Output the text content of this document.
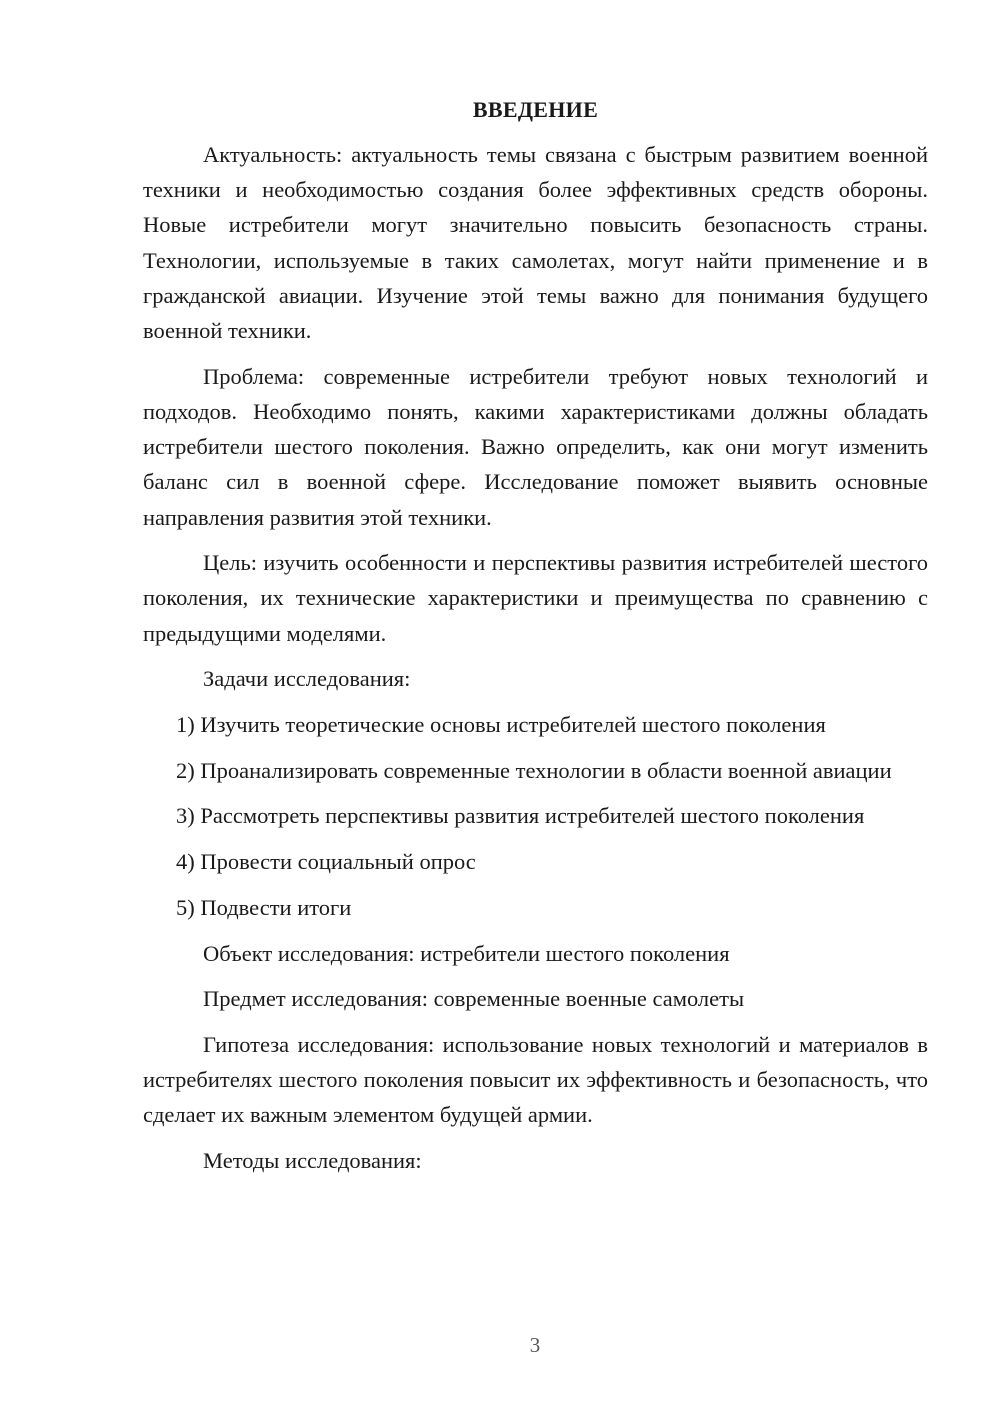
ВВЕДЕНИЕ

Актуальность: актуальность темы связана с быстрым развитием военной техники и необходимостью создания более эффективных средств обороны. Новые истребители могут значительно повысить безопасность страны. Технологии, используемые в таких самолетах, могут найти применение и в гражданской авиации. Изучение этой темы важно для понимания будущего военной техники.

Проблема: современные истребители требуют новых технологий и подходов. Необходимо понять, какими характеристиками должны обладать истребители шестого поколения. Важно определить, как они могут изменить баланс сил в военной сфере. Исследование поможет выявить основные направления развития этой техники.

Цель: изучить особенности и перспективы развития истребителей шестого поколения, их технические характеристики и преимущества по сравнению с предыдущими моделями.

Задачи исследования:

1) Изучить теоретические основы истребителей шестого поколения

2) Проанализировать современные технологии в области военной авиации

3) Рассмотреть перспективы развития истребителей шестого поколения

4) Провести социальный опрос

5) Подвести итоги

Объект исследования: истребители шестого поколения

Предмет исследования: современные военные самолеты

Гипотеза исследования: использование новых технологий и материалов в истребителях шестого поколения повысит их эффективность и безопасность, что сделает их важным элементом будущей армии.

Методы исследования:

3
